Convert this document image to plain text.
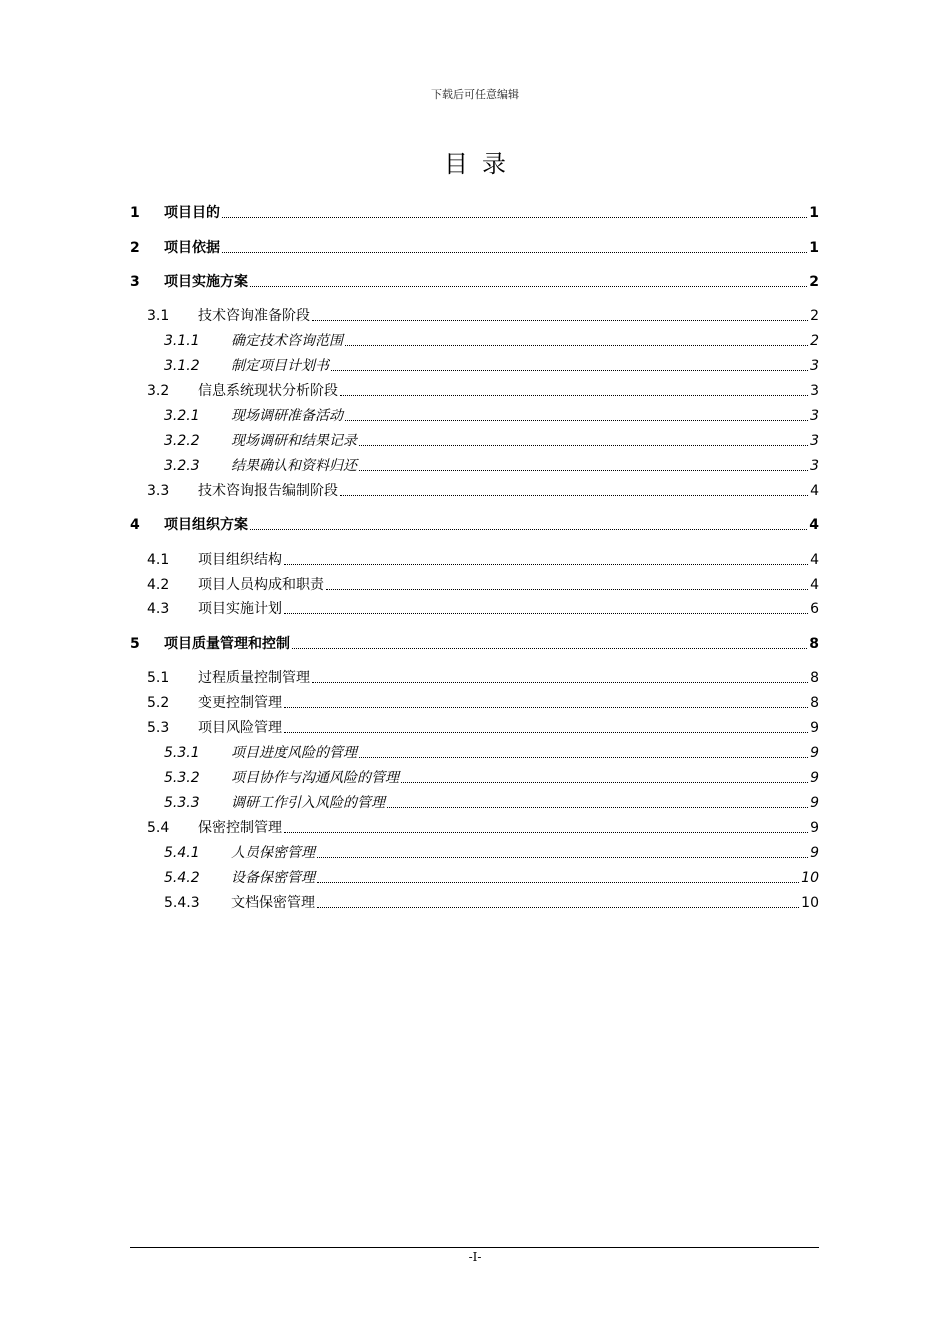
下载后可任意编辑
目录
1	项目目的	1
2	项目依据	1
3	项目实施方案	2
3.1	技术咨询准备阶段	2
3.1.1	确定技术咨询范围	2
3.1.2	制定项目计划书	3
3.2	信息系统现状分析阶段	3
3.2.1	现场调研准备活动	3
3.2.2	现场调研和结果记录	3
3.2.3	结果确认和资料归还	3
3.3	技术咨询报告编制阶段	4
4	项目组织方案	4
4.1	项目组织结构	4
4.2	项目人员构成和职责	4
4.3	项目实施计划	6
5	项目质量管理和控制	8
5.1	过程质量控制管理	8
5.2	变更控制管理	8
5.3	项目风险管理	9
5.3.1	项目进度风险的管理	9
5.3.2	项目协作与沟通风险的管理	9
5.3.3	调研工作引入风险的管理	9
5.4	保密控制管理	9
5.4.1	人员保密管理	9
5.4.2	设备保密管理	10
5.4.3	文档保密管理	10
-I-
